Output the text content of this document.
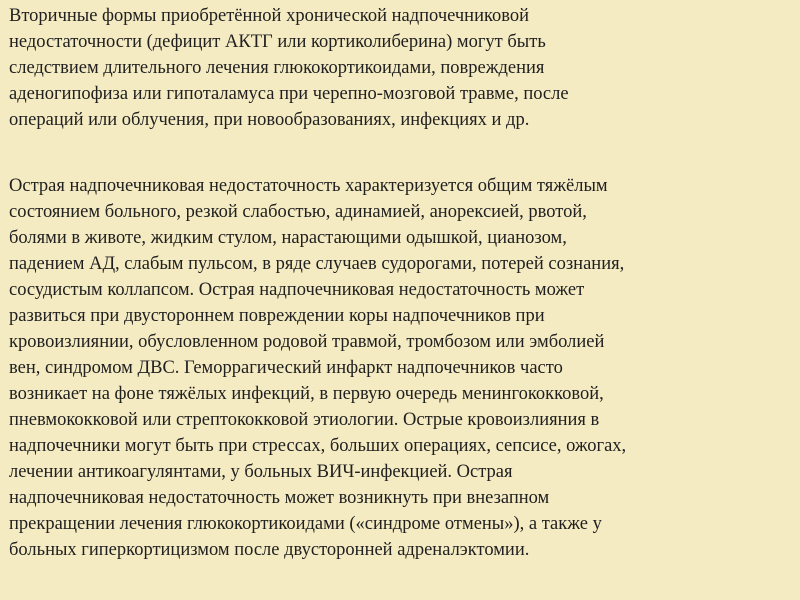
Вторичные формы приобретённой хронической надпочечниковой
недостаточности (дефицит АКТГ или кортиколиберина) могут быть
следствием длительного лечения глюкокортикоидами, повреждения
аденогипофиза или гипоталамуса при черепно-мозговой травме, после
операций или облучения, при новообразованиях, инфекциях и др.

Острая надпочечниковая недостаточность характеризуется общим тяжёлым
состоянием больного, резкой слабостью, адинамией, анорексией, рвотой,
болями в животе, жидким стулом, нарастающими одышкой, цианозом,
падением АД, слабым пульсом, в ряде случаев судорогами, потерей сознания,
сосудистым коллапсом. Острая надпочечниковая недостаточность может
развиться при двустороннем повреждении коры надпочечников при
кровоизлиянии, обусловленном родовой травмой, тромбозом или эмболией
вен, синдромом ДВС. Геморрагический инфаркт надпочечников часто
возникает на фоне тяжёлых инфекций, в первую очередь менингококковой,
пневмококковой или стрептококковой этиологии. Острые кровоизлияния в
надпочечники могут быть при стрессах, больших операциях, сепсисе, ожогах,
лечении антикоагулянтами, у больных ВИЧ-инфекцией. Острая
надпочечниковая недостаточность может возникнуть при внезапном
прекращении лечения глюкокортикоидами («синдроме отмены»), а также у
больных гиперкортицизмом после двусторонней адреналэктомии.
